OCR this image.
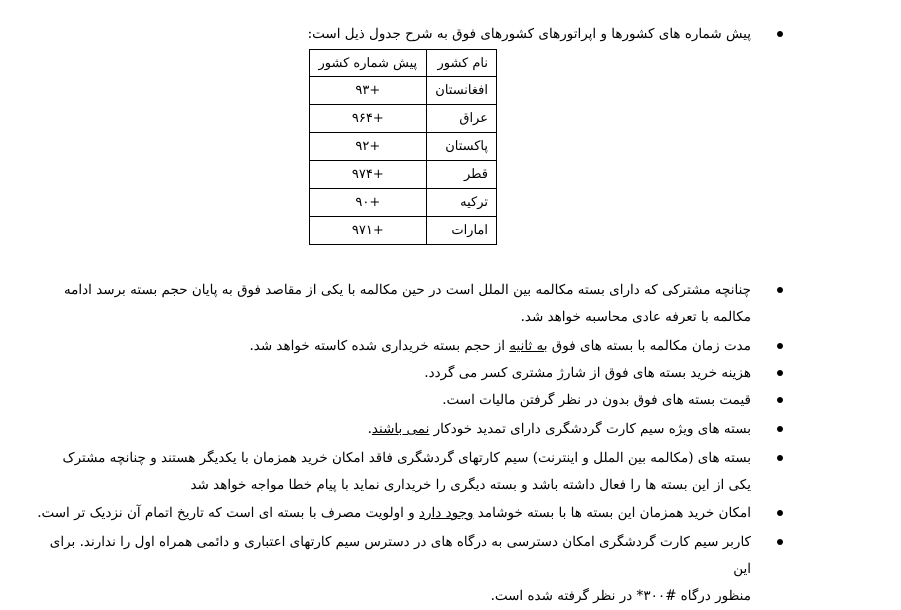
پیش شماره های کشورها و اپراتورهای کشورهای فوق به شرح جدول ذیل است:
نام کشور	پیش شماره کشور
افغانستان	+۹۳
عراق	+۹۶۴
پاکستان	+۹۲
قطر	+۹۷۴
ترکیه	+۹۰
امارات	+۹۷۱
چنانچه مشترکی که دارای بسته مکالمه بین الملل است در حین مکالمه با یکی از مقاصد فوق به پایان حجم بسته برسد ادامه
مکالمه با تعرفه عادی محاسبه خواهد شد.
مدت زمان مکالمه با بسته های فوق به ثانیه از حجم بسته خریداری شده کاسته خواهد شد.
هزینه خرید بسته های فوق از شارژ مشتری کسر می گردد.
قیمت بسته های فوق بدون در نظر گرفتن مالیات است.
بسته های ویژه سیم کارت گردشگری دارای تمدید خودکار نمی باشند.
بسته های (مکالمه بین الملل و اینترنت) سیم کارتهای گردشگری فاقد امکان خرید همزمان با یکدیگر هستند و چنانچه مشترک
یکی از این بسته ها را فعال داشته باشد و بسته دیگری را خریداری نماید با پیام خطا مواجه خواهد شد
امکان خرید همزمان این بسته ها با بسته خوشامد وجود دارد و اولویت مصرف با بسته ای است که تاریخ اتمام آن نزدیک تر است.
کاربر سیم کارت گردشگری امکان دسترسی به درگاه های در دسترس سیم کارتهای اعتباری و دائمی همراه اول را ندارند. برای این
منظور درگاه #۳۰۰* در نظر گرفته شده است.
